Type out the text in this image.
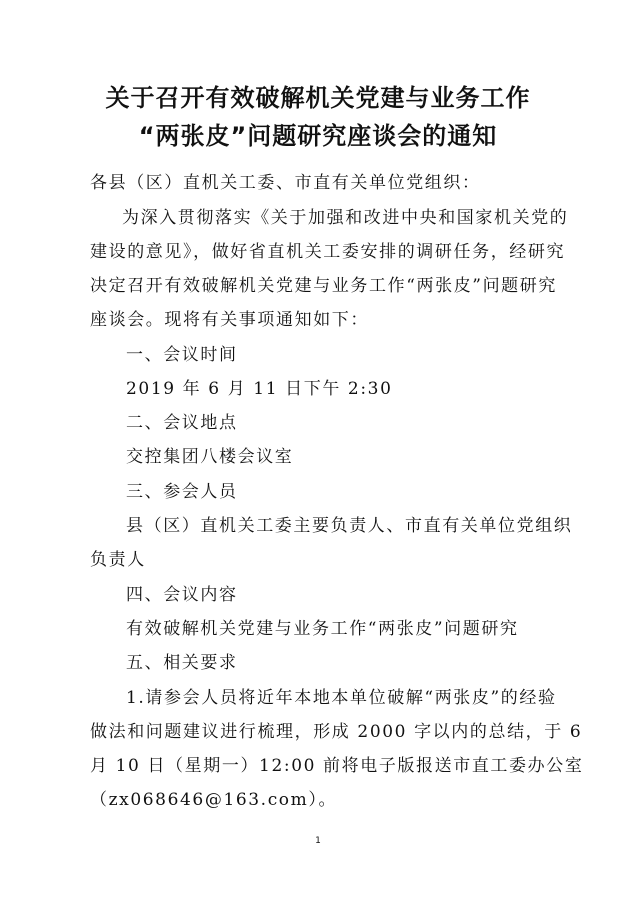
关于召开有效破解机关党建与业务工作
“两张皮”问题研究座谈会的通知
各县（区）直机关工委、市直有关单位党组织：
为深入贯彻落实《关于加强和改进中央和国家机关党的
建设的意见》，做好省直机关工委安排的调研任务，经研究
决定召开有效破解机关党建与业务工作“两张皮”问题研究
座谈会。现将有关事项通知如下：
一、会议时间
2019 年 6 月 11 日下午 2:30
二、会议地点
交控集团八楼会议室
三、参会人员
县（区）直机关工委主要负责人、市直有关单位党组织
负责人
四、会议内容
有效破解机关党建与业务工作“两张皮”问题研究
五、相关要求
1.请参会人员将近年本地本单位破解“两张皮”的经验
做法和问题建议进行梳理，形成 2000 字以内的总结，于 6
月 10 日（星期一）12:00 前将电子版报送市直工委办公室
（zx068646@163.com）。
1
